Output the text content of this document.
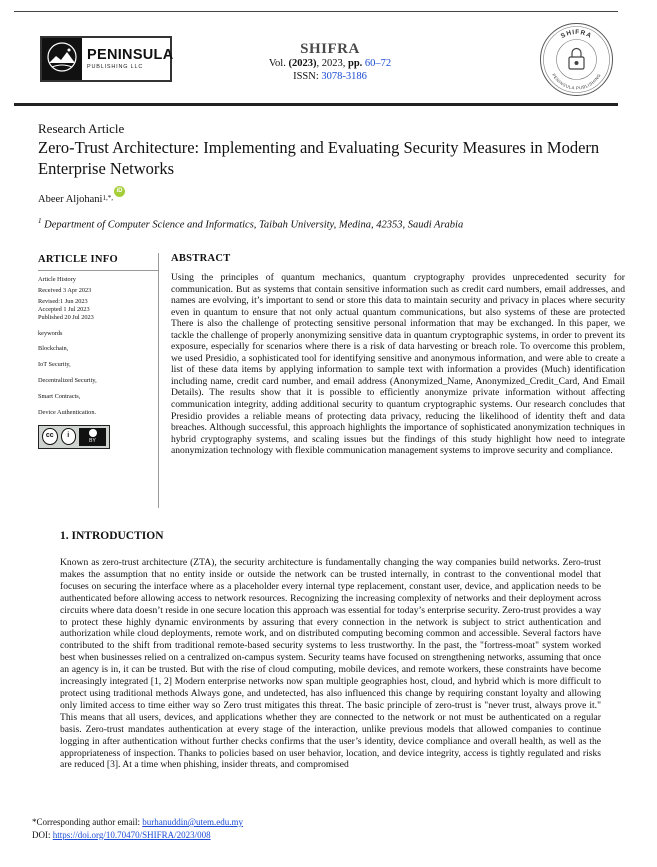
PENINSULA
PUBLISHING LLC
SHIFRA
Vol. (2023), 2023, pp. 60–72
ISSN: 3078-3186
SHIFRA
PENINSULA PUBLISHING
Research Article
Zero-Trust Architecture: Implementing and Evaluating Security Measures in Modern Enterprise Networks
Abeer Aljohani 1,*,
iD
$^1$ Department of Computer Science and Informatics, Taibah University, Medina, 42353, Saudi Arabia
ARTICLE INFO
Article History
Received 3 Apr 2023
Revised:1 Jun 2023
Accepted 1 Jul 2023
Published 20 Jul 2023
keywords
Blockchain,
IoT Security,
Decentralized Security,
Smart Contracts,
Device Authentication.
cc	i
BY
ABSTRACT

Using the principles of quantum mechanics, quantum cryptography provides unprecedented security for communication. But as systems that contain sensitive information such as credit card numbers, email addresses, and names are evolving, it’s important to send or store this data to maintain security and privacy in places where security even in quantum to ensure that not only actual quantum communications, but also systems of these are protected There is also the challenge of protecting sensitive personal information that may be exchanged. In this paper, we tackle the challenge of properly anonymizing sensitive data in quantum cryptographic systems, in order to prevent its exposure, especially for scenarios where there is a risk of data harvesting or breach role. To overcome this problem, we used Presidio, a sophisticated tool for identifying sensitive and anonymous information, and were able to create a list of these data items by applying information to sample text with information a provides (Much) identification including name, credit card number, and email address (Anonymized_Name, Anonymized_Credit_Card, And Email Details). The results show that it is possible to efficiently anonymize private information without affecting communication integrity, adding additional security to quantum cryptographic systems. Our research concludes that Presidio provides a reliable means of protecting data privacy, reducing the likelihood of identity theft and data breaches. Although successful, this approach highlights the importance of sophisticated anonymization techniques in hybrid cryptography systems, and scaling issues but the findings of this study highlight how need to integrate anonymization technology with flexible communication management systems to improve security and compliance.

1. INTRODUCTION

Known as zero-trust architecture (ZTA), the security architecture is fundamentally changing the way companies build networks. Zero-trust makes the assumption that no entity inside or outside the network can be trusted internally, in contrast to the conventional model that focuses on securing the interface where as a placeholder every internal type replacement, constant user, device, and application needs to be authenticated before allowing access to network resources. Recognizing the increasing complexity of networks and their deployment across circuits where data doesn’t reside in one secure location this approach was essential for today’s enterprise security. Zero-trust provides a way to protect these highly dynamic environments by assuring that every connection in the network is subject to strict authentication and authorization while cloud deployments, remote work, and on distributed computing becoming common and accessible. Several factors have contributed to the shift from traditional remote-based security systems to less trustworthy. In the past, the "fortress-moat" system worked best when businesses relied on a centralized on-campus system. Security teams have focused on strengthening networks, assuming that once an agency is in, it can be trusted. But with the rise of cloud computing, mobile devices, and remote workers, these constraints have become increasingly integrated [1, 2] Modern enterprise networks now span multiple geographies host, cloud, and hybrid which is more difficult to protect using traditional methods Always gone, and undetected, has also influenced this change by requiring constant loyalty and allowing only limited access to time either way so Zero trust mitigates this threat. The basic principle of zero-trust is "never trust, always prove it." This means that all users, devices, and applications whether they are connected to the network or not must be authenticated on a regular basis. Zero-trust mandates authentication at every stage of the interaction, unlike previous models that allowed companies to continue logging in after authentication without further checks confirms that the user’s identity, device compliance and overall health, as well as the appropriateness of inspection. Thanks to policies based on user behavior, location, and device integrity, access is tightly regulated and risks are reduced [3]. At a time when phishing, insider threats, and compromised

*Corresponding author email: burhanuddin@utem.edu.my
DOI: https://doi.org/10.70470/SHIFRA/2023/008
